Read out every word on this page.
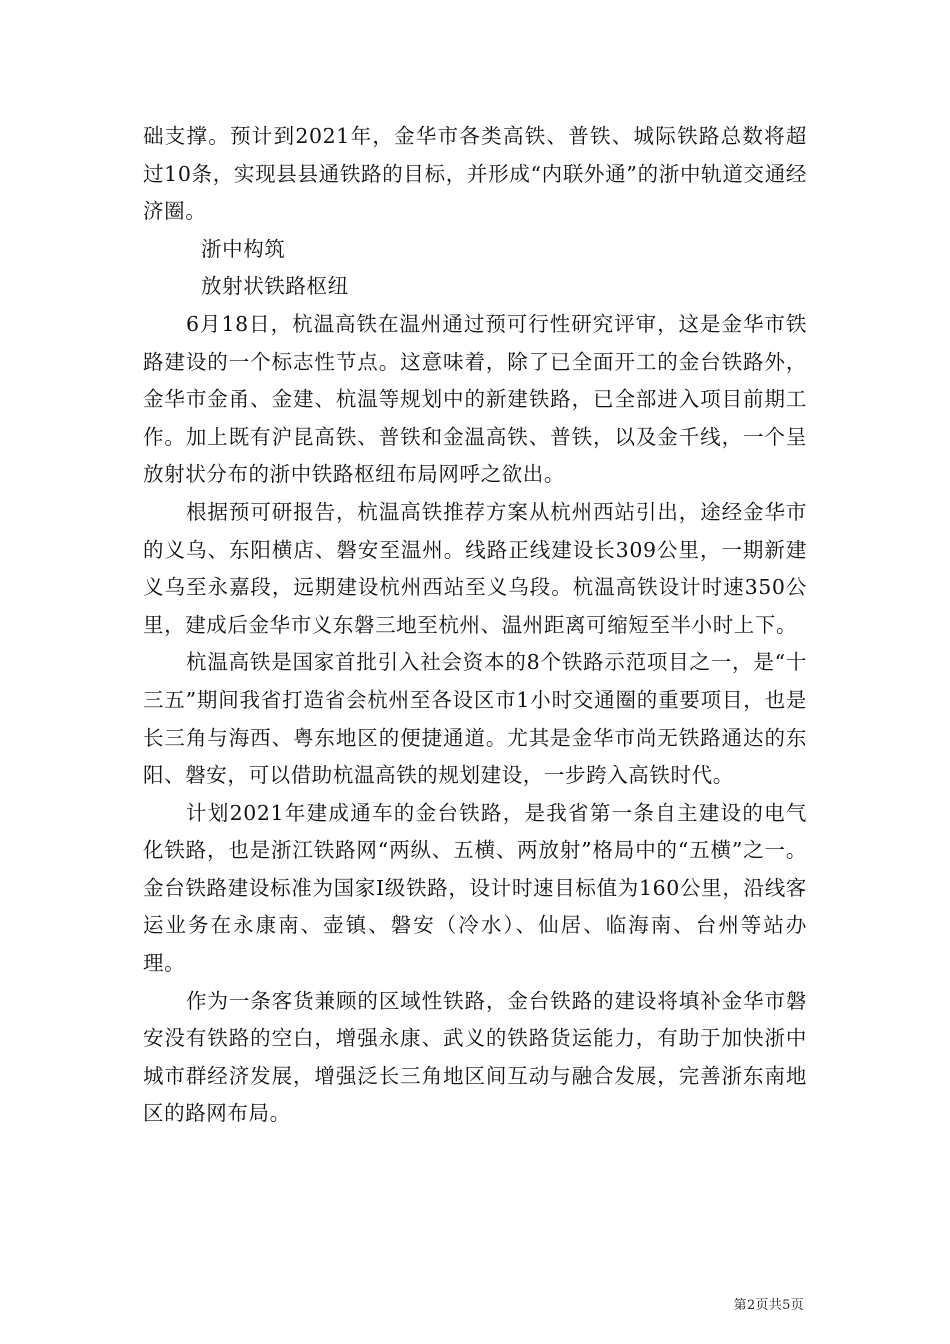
础支撑。预计到2021年，金华市各类高铁、普铁、城际铁路总数将超过10条，实现县县通铁路的目标，并形成“内联外通”的浙中轨道交通经济圈。

浙中构筑

放射状铁路枢纽

6月18日，杭温高铁在温州通过预可行性研究评审，这是金华市铁路建设的一个标志性节点。这意味着，除了已全面开工的金台铁路外，金华市金甬、金建、杭温等规划中的新建铁路，已全部进入项目前期工作。加上既有沪昆高铁、普铁和金温高铁、普铁，以及金千线，一个呈放射状分布的浙中铁路枢纽布局网呼之欲出。

根据预可研报告，杭温高铁推荐方案从杭州西站引出，途经金华市的义乌、东阳横店、磐安至温州。线路正线建设长309公里，一期新建义乌至永嘉段，远期建设杭州西站至义乌段。杭温高铁设计时速350公里，建成后金华市义东磐三地至杭州、温州距离可缩短至半小时上下。

杭温高铁是国家首批引入社会资本的8个铁路示范项目之一，是“十三五”期间我省打造省会杭州至各设区市1小时交通圈的重要项目，也是长三角与海西、粤东地区的便捷通道。尤其是金华市尚无铁路通达的东阳、磐安，可以借助杭温高铁的规划建设，一步跨入高铁时代。

计划2021年建成通车的金台铁路，是我省第一条自主建设的电气化铁路，也是浙江铁路网“两纵、五横、两放射”格局中的“五横”之一。金台铁路建设标准为国家Ⅰ级铁路，设计时速目标值为160公里，沿线客运业务在永康南、壶镇、磐安（冷水）、仙居、临海南、台州等站办理。

作为一条客货兼顾的区域性铁路，金台铁路的建设将填补金华市磐安没有铁路的空白，增强永康、武义的铁路货运能力，有助于加快浙中城市群经济发展，增强泛长三角地区间互动与融合发展，完善浙东南地区的路网布局。

第2页共5页
